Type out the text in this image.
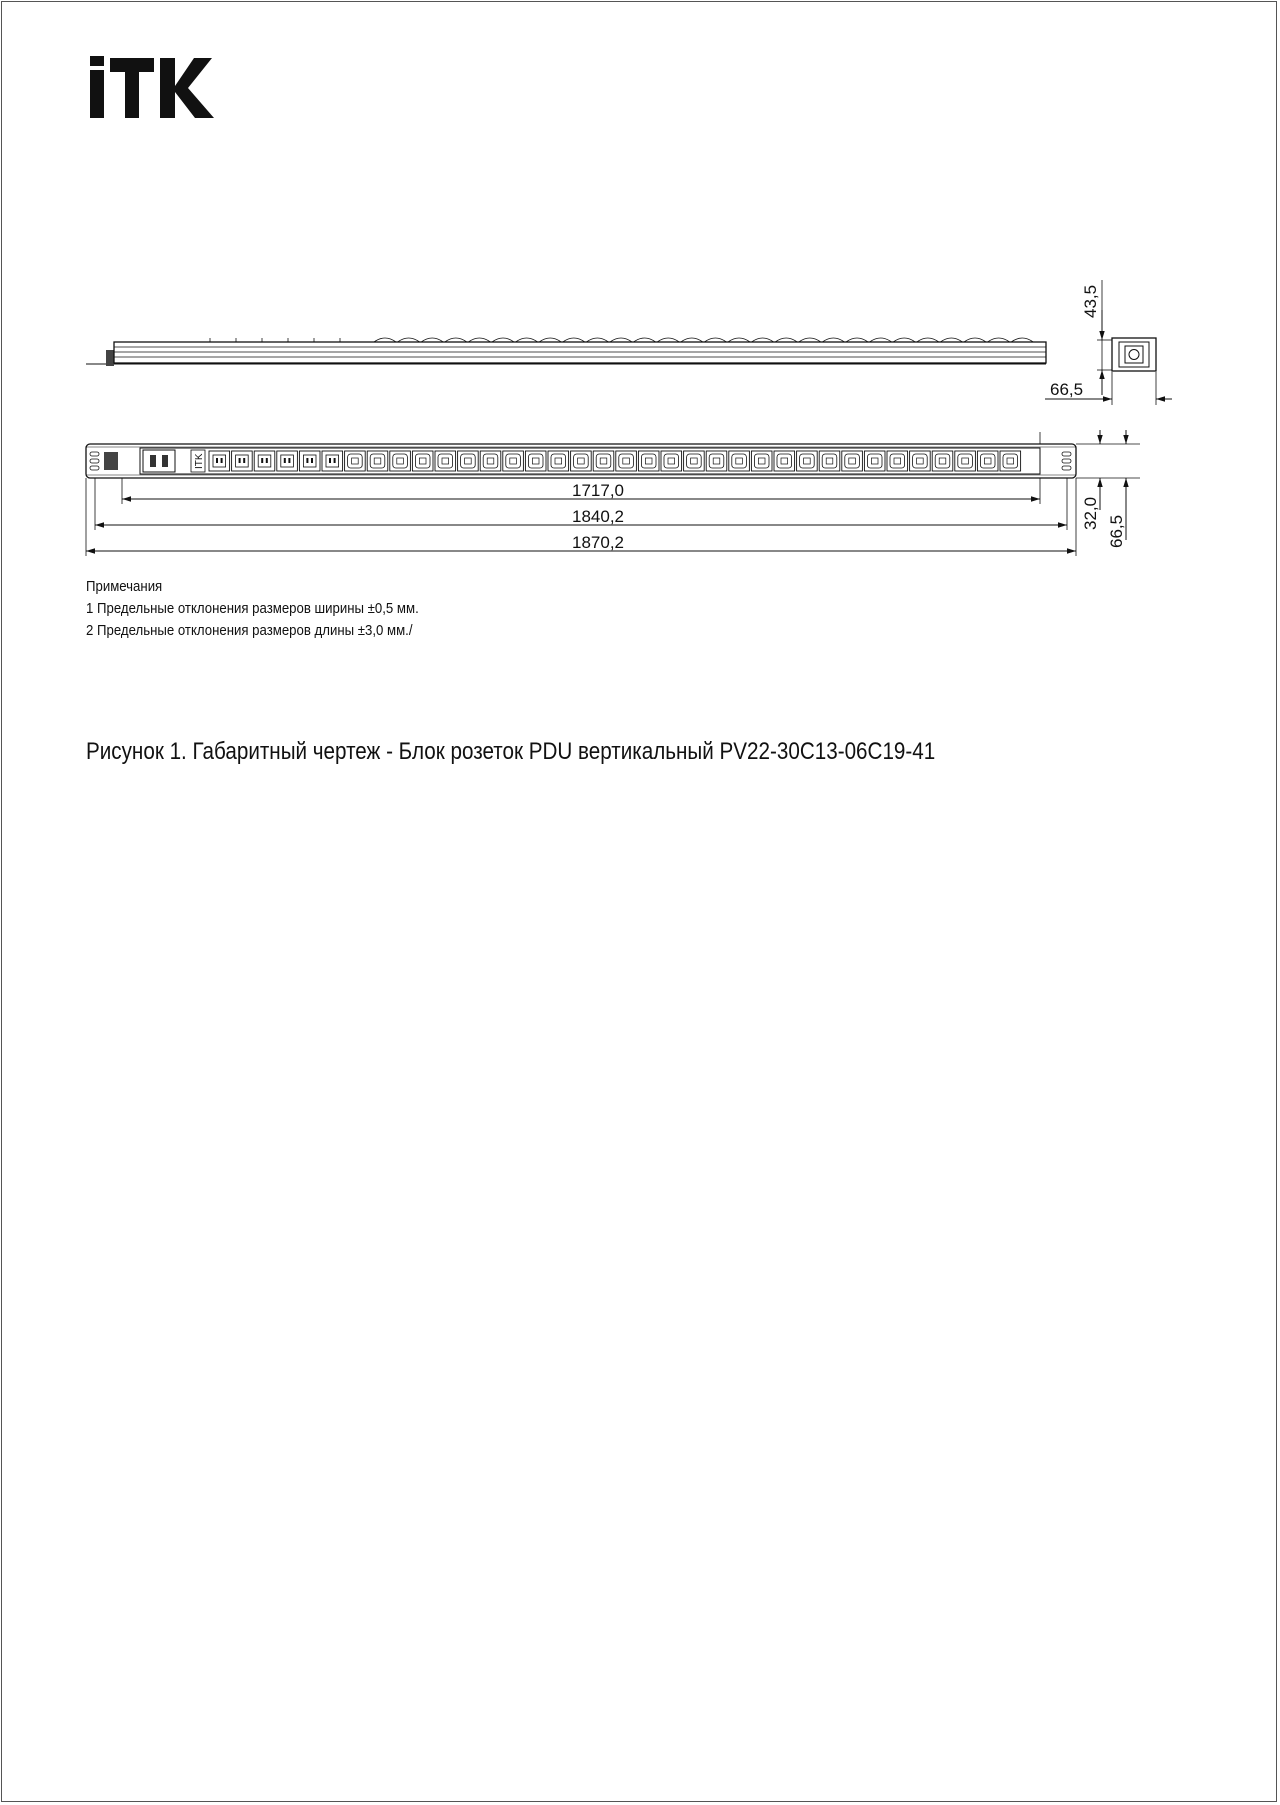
43,5
66,5
ITK
1717,0
1840,2
1870,2
32,0
66,5
Примечания
1 Предельные отклонения размеров ширины ±0,5 мм.
2 Предельные отклонения размеров длины ±3,0 мм./
Рисунок 1. Габаритный чертеж - Блок розеток PDU вертикальный PV22-30C13-06C19-41
